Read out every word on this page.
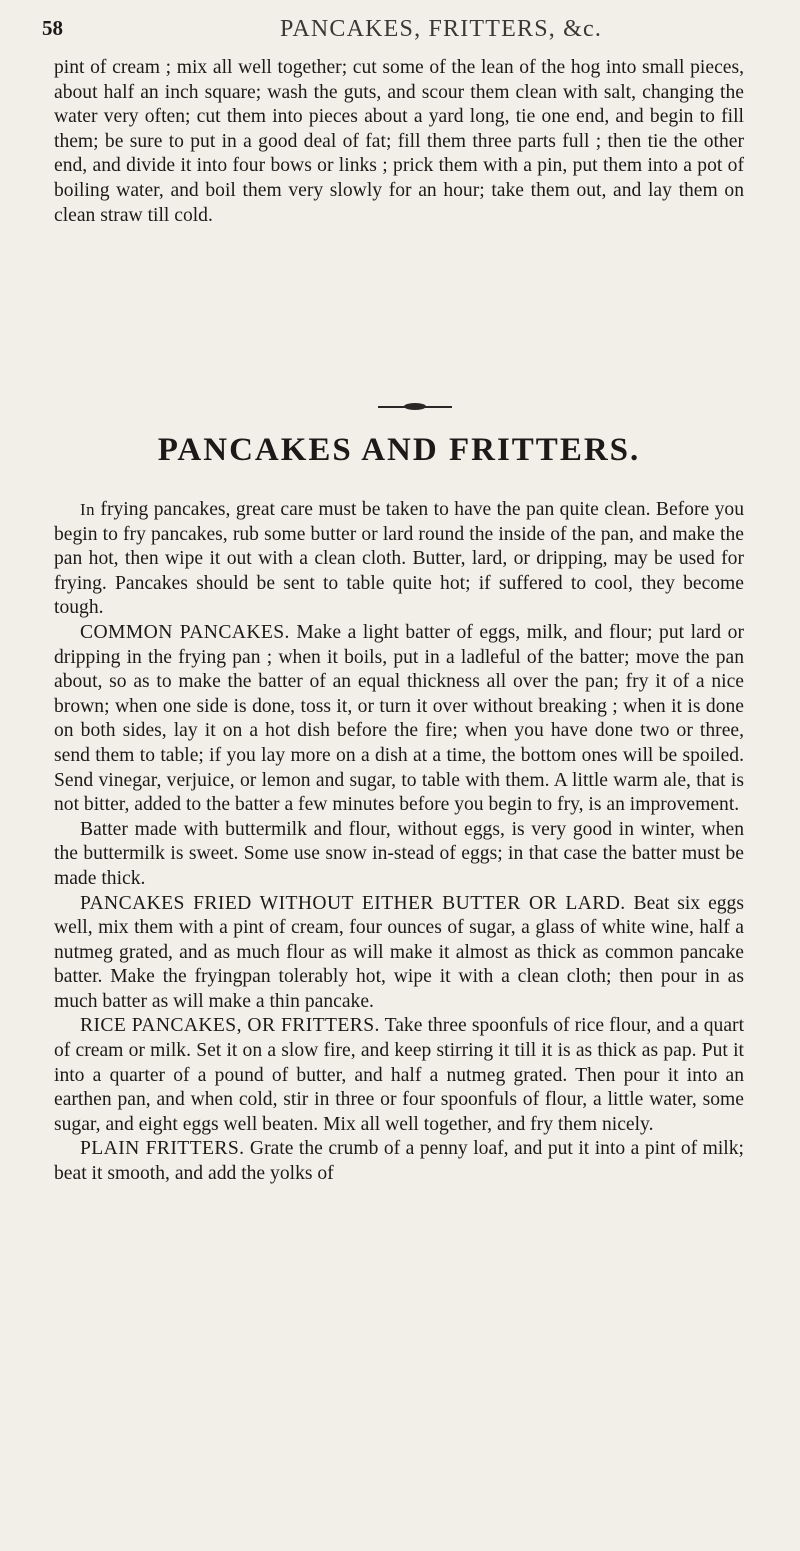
58	PANCAKES, FRITTERS, &c.

pint of cream ; mix all well together; cut some of the lean of the hog into small pieces, about half an inch square; wash the guts, and scour them clean with salt, changing the water very often; cut them into pieces about a yard long, tie one end, and begin to fill them; be sure to put in a good deal of fat; fill them three parts full ; then tie the other end, and divide it into four bows or links ; prick them with a pin, put them into a pot of boiling water, and boil them very slowly for an hour; take them out, and lay them on clean straw till cold.

PANCAKES AND FRITTERS.

In frying pancakes, great care must be taken to have the pan quite clean. Before you begin to fry pancakes, rub some butter or lard round the inside of the pan, and make the pan hot, then wipe it out with a clean cloth. Butter, lard, or dripping, may be used for frying. Pancakes should be sent to table quite hot; if suffered to cool, they become tough.

COMMON PANCAKES. Make a light batter of eggs, milk, and flour; put lard or dripping in the frying pan ; when it boils, put in a ladleful of the batter; move the pan about, so as to make the batter of an equal thickness all over the pan; fry it of a nice brown; when one side is done, toss it, or turn it over without breaking ; when it is done on both sides, lay it on a hot dish before the fire; when you have done two or three, send them to table; if you lay more on a dish at a time, the bottom ones will be spoiled. Send vinegar, verjuice, or lemon and sugar, to table with them. A little warm ale, that is not bitter, added to the batter a few minutes before you begin to fry, is an improvement.

Batter made with buttermilk and flour, without eggs, is very good in winter, when the buttermilk is sweet. Some use snow in-stead of eggs; in that case the batter must be made thick.

PANCAKES FRIED WITHOUT EITHER BUTTER OR LARD. Beat six eggs well, mix them with a pint of cream, four ounces of sugar, a glass of white wine, half a nutmeg grated, and as much flour as will make it almost as thick as common pancake batter. Make the fryingpan tolerably hot, wipe it with a clean cloth; then pour in as much batter as will make a thin pancake.

RICE PANCAKES, OR FRITTERS. Take three spoonfuls of rice flour, and a quart of cream or milk. Set it on a slow fire, and keep stirring it till it is as thick as pap. Put it into a quarter of a pound of butter, and half a nutmeg grated. Then pour it into an earthen pan, and when cold, stir in three or four spoonfuls of flour, a little water, some sugar, and eight eggs well beaten. Mix all well together, and fry them nicely.

PLAIN FRITTERS. Grate the crumb of a penny loaf, and put it into a pint of milk; beat it smooth, and add the yolks of
